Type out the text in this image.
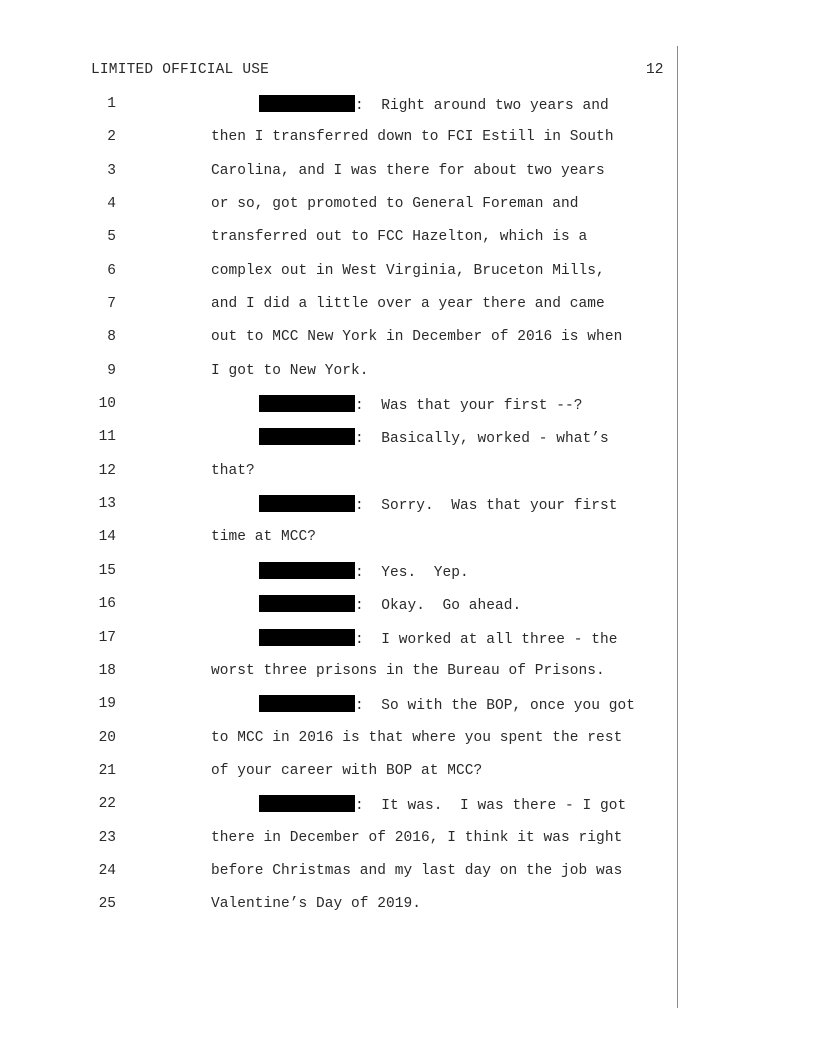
LIMITED OFFICIAL USE	12
1	:  Right around two years and
2	then I transferred down to FCI Estill in South
3	Carolina, and I was there for about two years
4	or so, got promoted to General Foreman and
5	transferred out to FCC Hazelton, which is a
6	complex out in West Virginia, Bruceton Mills,
7	and I did a little over a year there and came
8	out to MCC New York in December of 2016 is when
9	I got to New York.
10	:  Was that your first --?
11	:  Basically, worked - what’s
12	that?
13	:  Sorry.  Was that your first
14	time at MCC?
15	:  Yes.  Yep.
16	:  Okay.  Go ahead.
17	:  I worked at all three - the
18	worst three prisons in the Bureau of Prisons.
19	:  So with the BOP, once you got
20	to MCC in 2016 is that where you spent the rest
21	of your career with BOP at MCC?
22	:  It was.  I was there - I got
23	there in December of 2016, I think it was right
24	before Christmas and my last day on the job was
25	Valentine’s Day of 2019.
